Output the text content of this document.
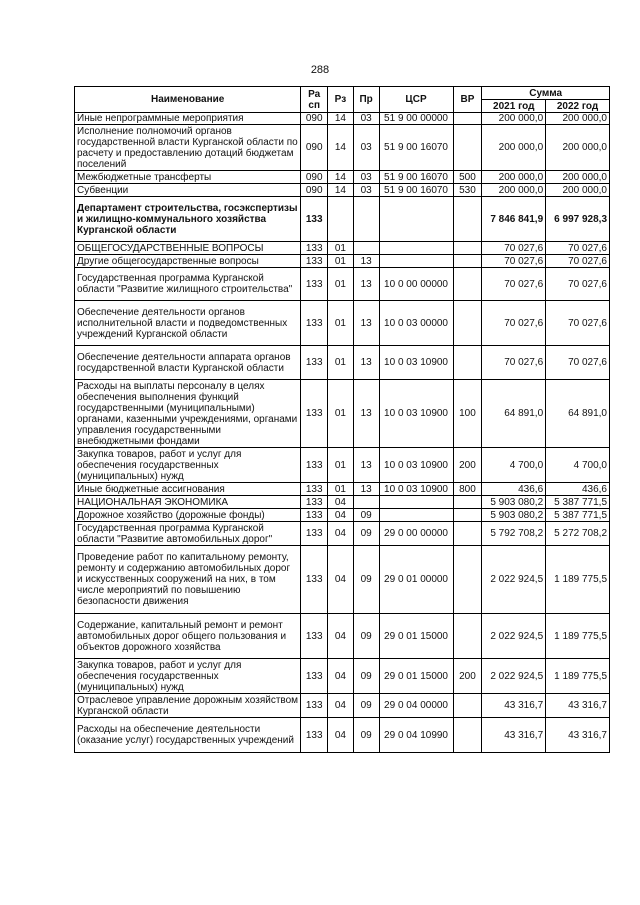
288
Наименование	Ра сп	Рз	Пр	ЦСР	ВР	Сумма	
						2021 год	2022 год
Иные непрограммные мероприятия	090	14	03	51 9 00 00000		200 000,0	200 000,0
Исполнение полномочий органов государственной власти Курганской области по расчету и предоставлению дотаций бюджетам поселений	090	14	03	51 9 00 16070		200 000,0	200 000,0
Межбюджетные трансферты	090	14	03	51 9 00 16070	500	200 000,0	200 000,0
Субвенции	090	14	03	51 9 00 16070	530	200 000,0	200 000,0
Департамент строительства, госэкспертизы и жилищно-коммунального хозяйства Курганской области	133					7 846 841,9	6 997 928,3
ОБЩЕГОСУДАРСТВЕННЫЕ ВОПРОСЫ	133	01				70 027,6	70 027,6
Другие общегосударственные вопросы	133	01	13			70 027,6	70 027,6
Государственная программа Курганской области "Развитие жилищного строительства"	133	01	13	10 0 00 00000		70 027,6	70 027,6
Обеспечение деятельности органов исполнительной власти и подведомственных учреждений Курганской области	133	01	13	10 0 03 00000		70 027,6	70 027,6
Обеспечение деятельности аппарата органов государственной власти Курганской области	133	01	13	10 0 03 10900		70 027,6	70 027,6
Расходы на выплаты персоналу в целях обеспечения выполнения функций государственными (муниципальными) органами, казенными учреждениями, органами управления государственными внебюджетными фондами	133	01	13	10 0 03 10900	100	64 891,0	64 891,0
Закупка товаров, работ и услуг для обеспечения государственных (муниципальных) нужд	133	01	13	10 0 03 10900	200	4 700,0	4 700,0
Иные бюджетные ассигнования	133	01	13	10 0 03 10900	800	436,6	436,6
НАЦИОНАЛЬНАЯ ЭКОНОМИКА	133	04				5 903 080,2	5 387 771,5
Дорожное хозяйство (дорожные фонды)	133	04	09			5 903 080,2	5 387 771,5
Государственная программа Курганской области "Развитие автомобильных дорог"	133	04	09	29 0 00 00000		5 792 708,2	5 272 708,2
Проведение работ по капитальному ремонту, ремонту и содержанию автомобильных дорог и искусственных сооружений на них, в том числе мероприятий по повышению безопасности движения	133	04	09	29 0 01 00000		2 022 924,5	1 189 775,5
Содержание, капитальный ремонт и ремонт автомобильных дорог общего пользования и объектов дорожного хозяйства	133	04	09	29 0 01 15000		2 022 924,5	1 189 775,5
Закупка товаров, работ и услуг для обеспечения государственных (муниципальных) нужд	133	04	09	29 0 01 15000	200	2 022 924,5	1 189 775,5
Отраслевое управление дорожным хозяйством Курганской области	133	04	09	29 0 04 00000		43 316,7	43 316,7
Расходы на обеспечение деятельности (оказание услуг) государственных учреждений	133	04	09	29 0 04 10990		43 316,7	43 316,7
